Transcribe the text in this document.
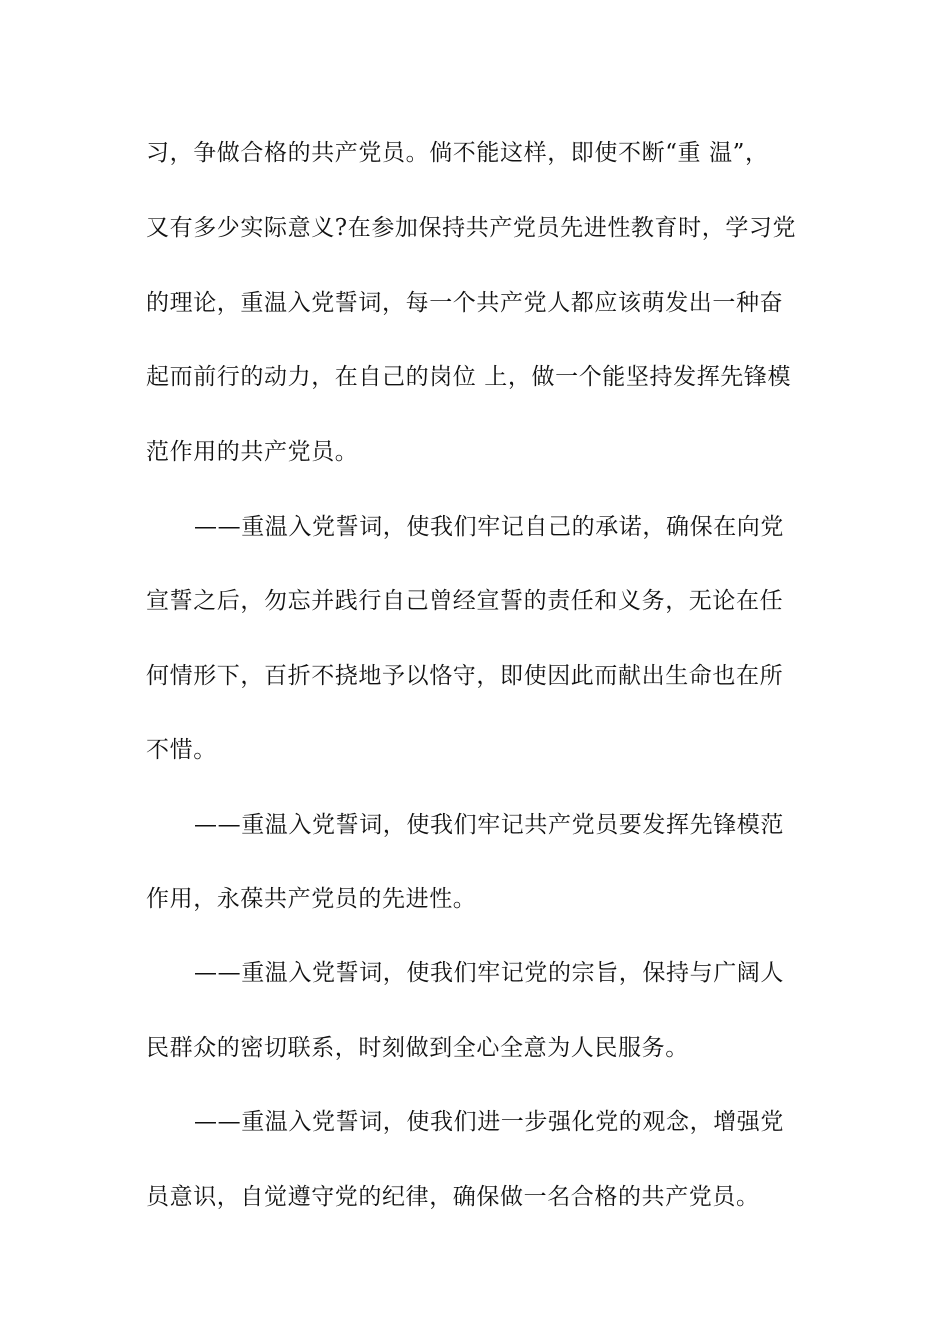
习，争做合格的共产党员。倘不能这样，即使不断“重 温”，
又有多少实际意义?在参加保持共产党员先进性教育时，学习党
的理论，重温入党誓词，每一个共产党人都应该萌发出一种奋
起而前行的动力，在自己的岗位 上，做一个能坚持发挥先锋模
范作用的共产党员。
——重温入党誓词，使我们牢记自己的承诺，确保在向党
宣誓之后，勿忘并践行自己曾经宣誓的责任和义务，无论在任
何情形下，百折不挠地予以恪守，即使因此而献出生命也在所
不惜。
——重温入党誓词，使我们牢记共产党员要发挥先锋模范
作用，永葆共产党员的先进性。
——重温入党誓词，使我们牢记党的宗旨，保持与广阔人
民群众的密切联系，时刻做到全心全意为人民服务。
——重温入党誓词，使我们进一步强化党的观念，增强党
员意识，自觉遵守党的纪律，确保做一名合格的共产党员。
